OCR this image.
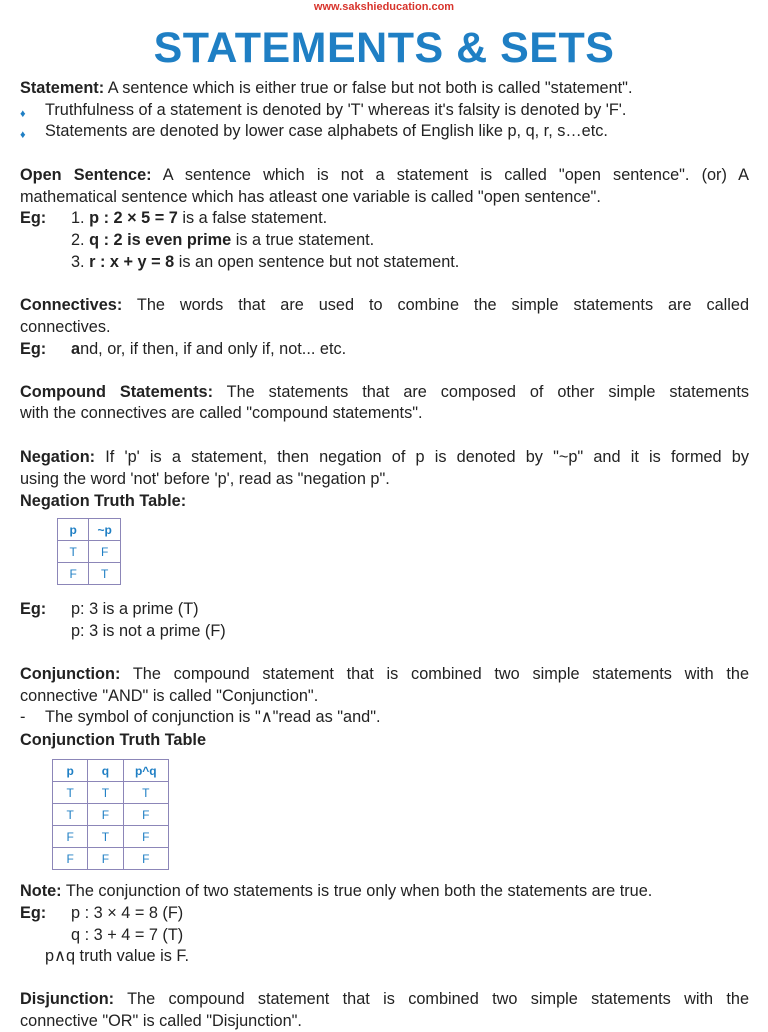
www.sakshieducation.com
STATEMENTS & SETS
Statement: A sentence which is either true or false but not both is called "statement".
♦ Truthfulness of a statement is denoted by 'T' whereas it's falsity is denoted by 'F'.
♦ Statements are denoted by lower case alphabets of English like p, q, r, s…etc.
Open Sentence: A sentence which is not a statement is called "open sentence". (or) A
mathematical sentence which has atleast one variable is called "open sentence".
Eg: 1. p : 2 × 5 = 7 is a false statement.
2. q : 2 is even prime is a true statement.
3. r : x + y = 8 is an open sentence but not statement.
Connectives: The words that are used to combine the simple statements are called
connectives.
Eg: and, or, if then, if and only if, not... etc.
Compound Statements: The statements that are composed of other simple statements
with the connectives are called "compound statements".
Negation: If 'p' is a statement, then negation of p is denoted by "~p" and it is formed by
using the word 'not' before 'p', read as "negation p".
Negation Truth Table:
p	~p
T	F
F	T
Eg: p: 3 is a prime (T)
p: 3 is not a prime (F)
Conjunction: The compound statement that is combined two simple statements with the
connective "AND" is called "Conjunction".
- The symbol of conjunction is "∧"read as "and".
Conjunction Truth Table
p	q	p^q
T	T	T
T	F	F
F	T	F
F	F	F
Note: The conjunction of two statements is true only when both the statements are true.
Eg: p : 3 × 4 = 8 (F)
q : 3 + 4 = 7 (T)
p∧q truth value is F.
Disjunction: The compound statement that is combined two simple statements with the
connective "OR" is called "Disjunction".
